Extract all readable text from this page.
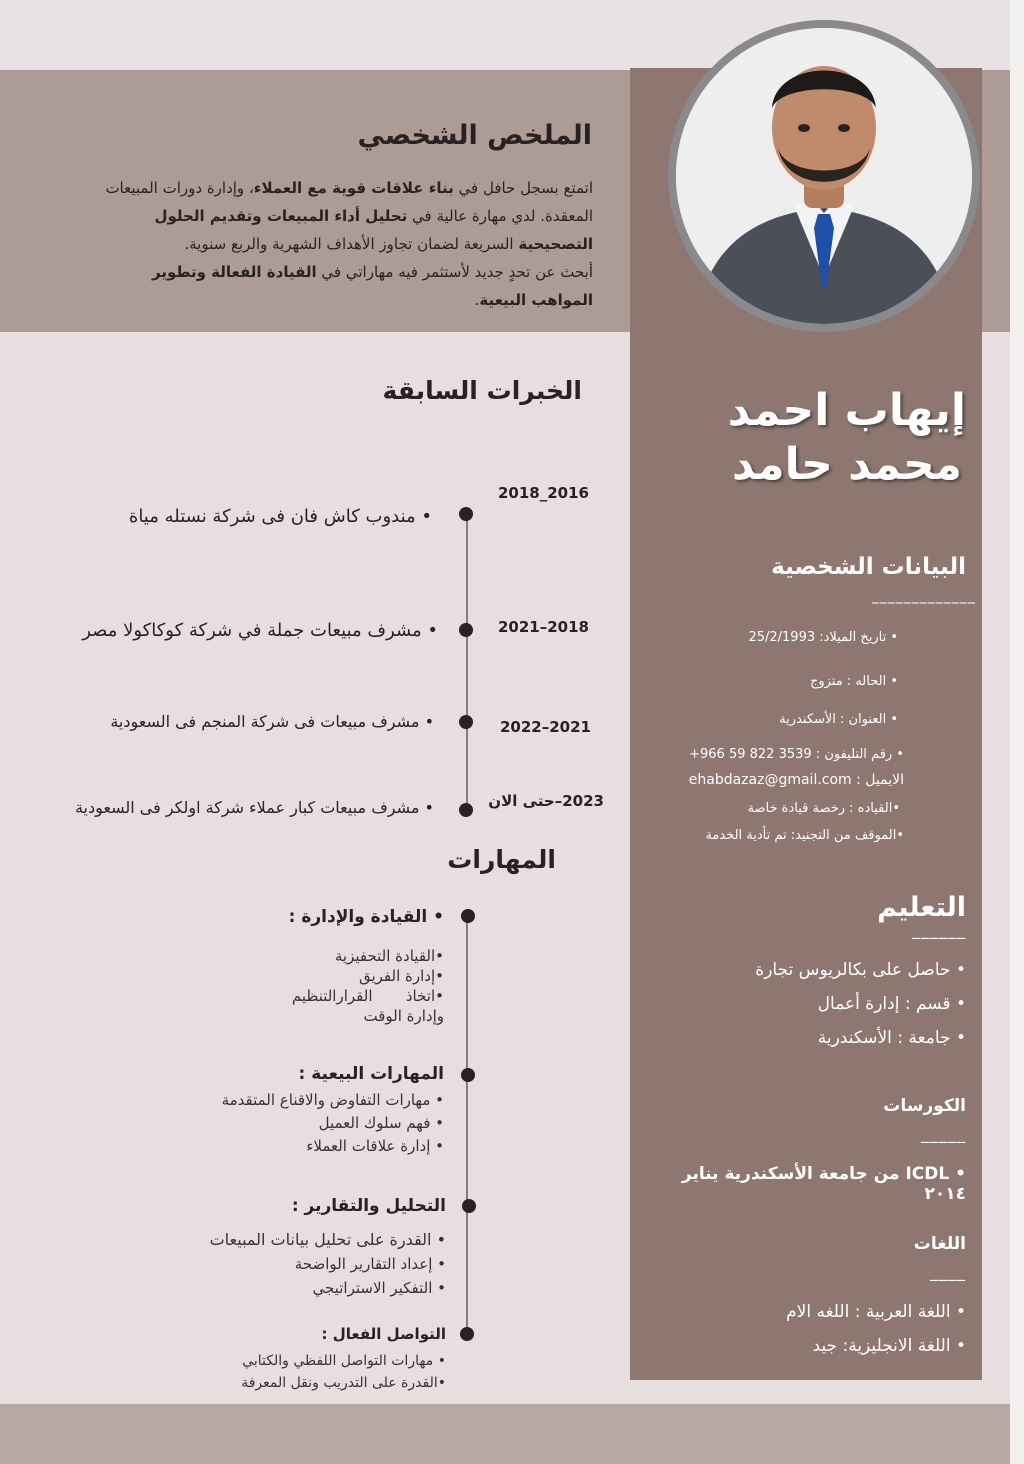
الملخص الشخصي
اتمتع بسجل حافل في بناء علاقات قوية مع العملاء، وإدارة دورات المبيعات
المعقدة. لدي مهارة عالية في تحليل أداء المبيعات وتقديم الحلول
التصحيحية السريعة لضمان تجاوز الأهداف الشهرية والربع سنوية.
أبحث عن تحدٍ جديد لأستثمر فيه مهاراتي في القيادة الفعالة وتطوير
المواهب البيعية.
إيهاب احمد
محمد حامد
البيانات الشخصية
_____________
• تاريخ الميلاد: 25/2/1993
• الحاله : متزوج
• العنوان : الأسكندرية
• رقم التليفون : 3539 822 59 966+
الايميل : ehabdazaz@gmail.com
•القياده : رخصة قيادة خاصة
•الموقف من التجنيد: تم تأدية الخدمة
التعليم
______
• حاصل على بكالريوس تجارة
• قسم : إدارة أعمال
• جامعة : الأسكندرية
الكورسات
_____
• ICDL من جامعة الأسكندرية يناير ٢٠١٤
اللغات
____
• اللغة العربية : اللغه الام
• اللغة الانجليزية: جيد
الخبرات السابقة
2018_2016
• مندوب كاش فان فى شركة نستله مياة
2021–2018
• مشرف مبيعات جملة في شركة كوكاكولا مصر
2022–2021
• مشرف مبيعات فى شركة المنجم فى السعودية
2023–حتى الان
• مشرف مبيعات كبار عملاء شركة اولكر فى السعودية
المهارات
• القيادة والإدارة :
•القيادة التحفيزية
•إدارة الفريق
•اتخاذ       القرارالتنظيم
وإدارة الوقت
المهارات البيعية :
• مهارات التفاوض والاقناع المتقدمة
• فهم سلوك العميل
• إدارة علاقات العملاء
التحليل والتقارير :
• القدرة على تحليل بيانات المبيعات
• إعداد التقارير الواضحة
• التفكير الاستراتيجي
التواصل الفعال :
• مهارات التواصل اللفظي والكتابي
•القدرة على التدريب ونقل المعرفة
